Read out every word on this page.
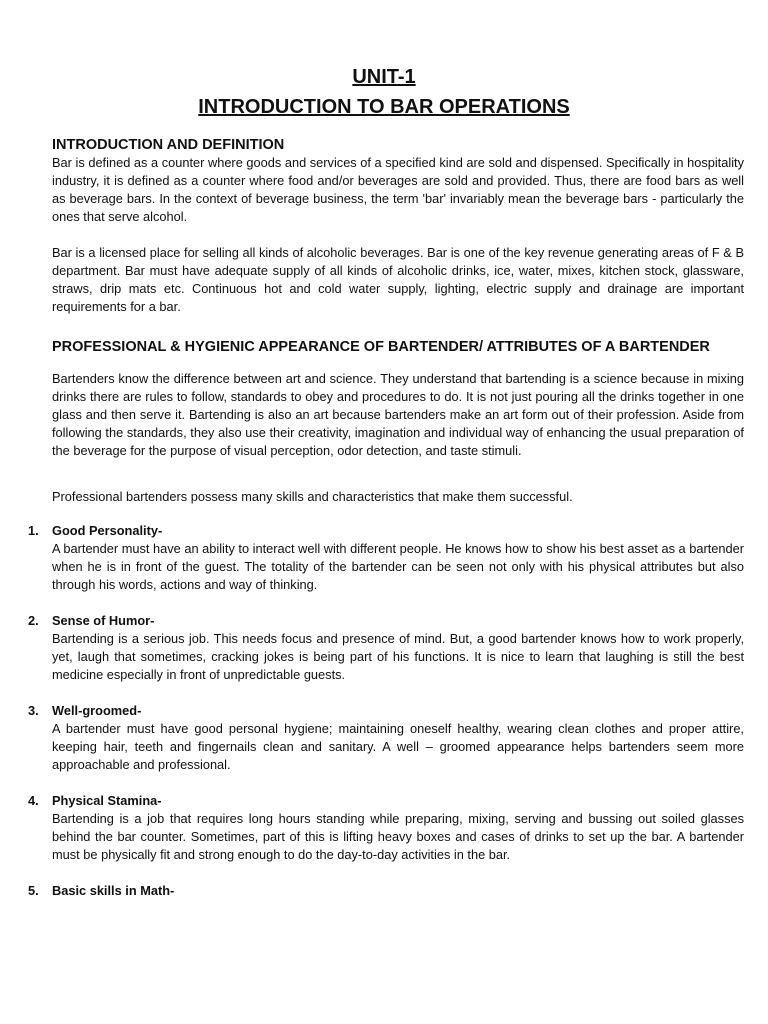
UNIT-1
INTRODUCTION TO BAR OPERATIONS
INTRODUCTION AND DEFINITION

Bar is defined as a counter where goods and services of a specified kind are sold and dispensed. Specifically in hospitality industry, it is defined as a counter where food and/or beverages are sold and provided. Thus, there are food bars as well as beverage bars. In the context of beverage business, the term 'bar' invariably mean the beverage bars - particularly the ones that serve alcohol.

Bar is a licensed place for selling all kinds of alcoholic beverages. Bar is one of the key revenue generating areas of F & B department. Bar must have adequate supply of all kinds of alcoholic drinks, ice, water, mixes, kitchen stock, glassware, straws, drip mats etc. Continuous hot and cold water supply, lighting, electric supply and drainage are important requirements for a bar.

PROFESSIONAL & HYGIENIC APPEARANCE OF BARTENDER/ ATTRIBUTES OF A BARTENDER

Bartenders know the difference between art and science. They understand that bartending is a science because in mixing drinks there are rules to follow, standards to obey and procedures to do. It is not just pouring all the drinks together in one glass and then serve it. Bartending is also an art because bartenders make an art form out of their profession. Aside from following the standards, they also use their creativity, imagination and individual way of enhancing the usual preparation of the beverage for the purpose of visual perception, odor detection, and taste stimuli.

Professional bartenders possess many skills and characteristics that make them successful.

1. Good Personality-

A bartender must have an ability to interact well with different people. He knows how to show his best asset as a bartender when he is in front of the guest. The totality of the bartender can be seen not only with his physical attributes but also through his words, actions and way of thinking.

2. Sense of Humor-

Bartending is a serious job. This needs focus and presence of mind. But, a good bartender knows how to work properly, yet, laugh that sometimes, cracking jokes is being part of his functions. It is nice to learn that laughing is still the best medicine especially in front of unpredictable guests.

3. Well-groomed-

A bartender must have good personal hygiene; maintaining oneself healthy, wearing clean clothes and proper attire, keeping hair, teeth and fingernails clean and sanitary. A well – groomed appearance helps bartenders seem more approachable and professional.

4. Physical Stamina-

Bartending is a job that requires long hours standing while preparing, mixing, serving and bussing out soiled glasses behind the bar counter. Sometimes, part of this is lifting heavy boxes and cases of drinks to set up the bar. A bartender must be physically fit and strong enough to do the day-to-day activities in the bar.

5. Basic skills in Math-
